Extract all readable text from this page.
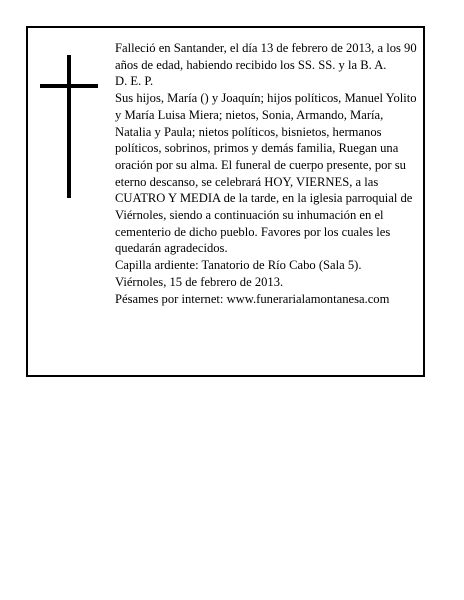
Falleció en Santander, el día 13 de febrero de 2013, a los 90 años de edad, habiendo recibido los SS. SS. y la B. A.

D. E. P.

Sus hijos, María () y Joaquín; hijos políticos, Manuel Yolito y María Luisa Miera; nietos, Sonia, Armando, María, Natalia y Paula; nietos políticos, bisnietos, hermanos políticos, sobrinos, primos y demás familia, Ruegan una oración por su alma. El funeral de cuerpo presente, por su eterno descanso, se celebrará HOY, VIERNES, a las CUATRO Y MEDIA de la tarde, en la iglesia parroquial de Viérnoles, siendo a continuación su inhumación en el cementerio de dicho pueblo. Favores por los cuales les quedarán agradecidos.

Capilla ardiente: Tanatorio de Río Cabo (Sala 5).

Viérnoles, 15 de febrero de 2013.

Pésames por internet: www.funerarialamontanesa.com
